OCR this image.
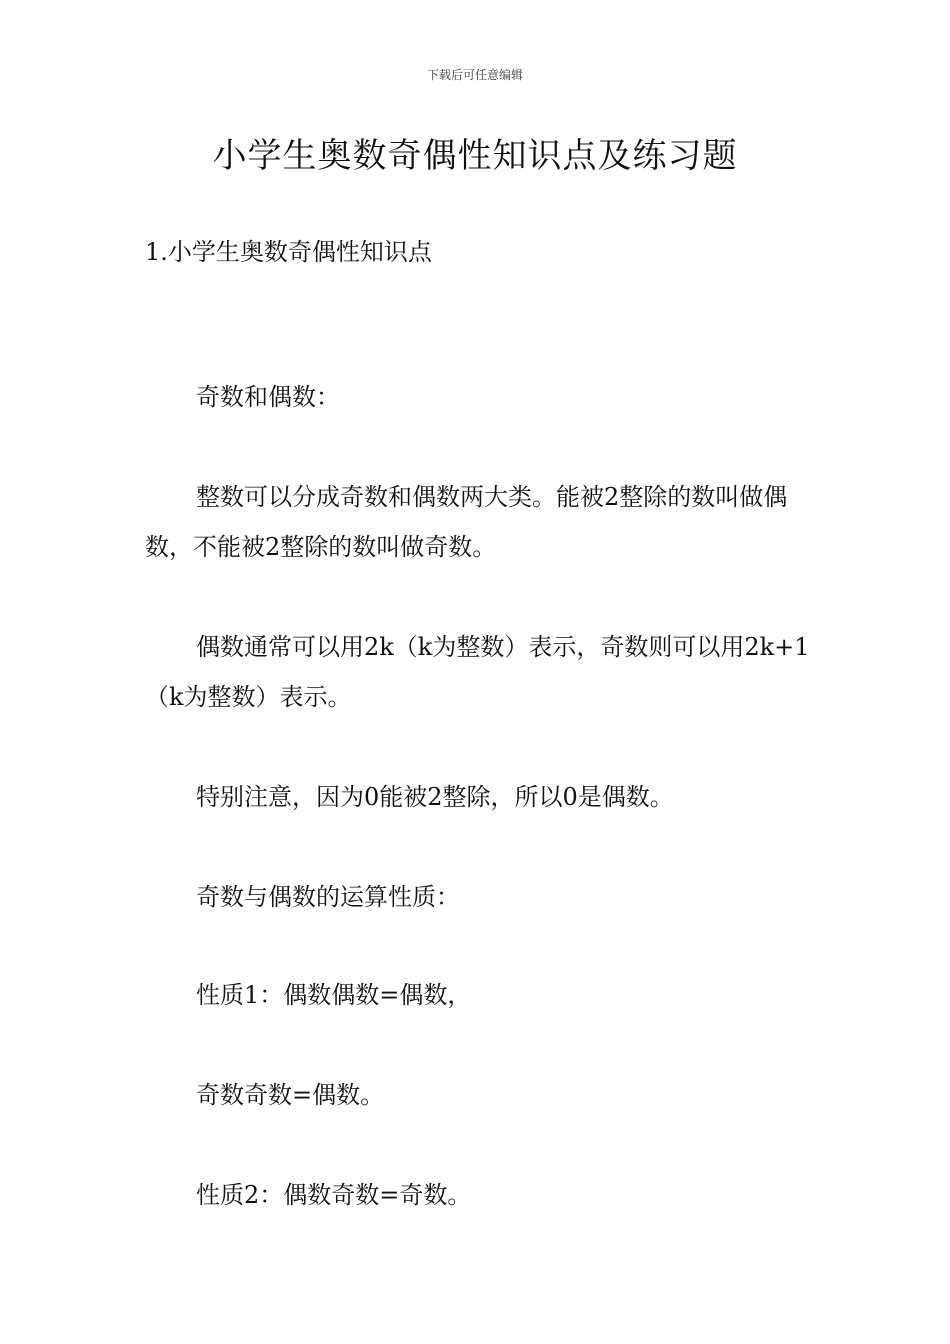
下载后可任意编辑
小学生奥数奇偶性知识点及练习题
1.小学生奥数奇偶性知识点

奇数和偶数：

整数可以分成奇数和偶数两大类。能被2整除的数叫做偶数，不能被2整除的数叫做奇数。

偶数通常可以用2k（k为整数）表示，奇数则可以用2k+1（k为整数）表示。

特别注意，因为0能被2整除，所以0是偶数。

奇数与偶数的运算性质：

性质1：偶数偶数=偶数，

奇数奇数=偶数。

性质2：偶数奇数=奇数。
